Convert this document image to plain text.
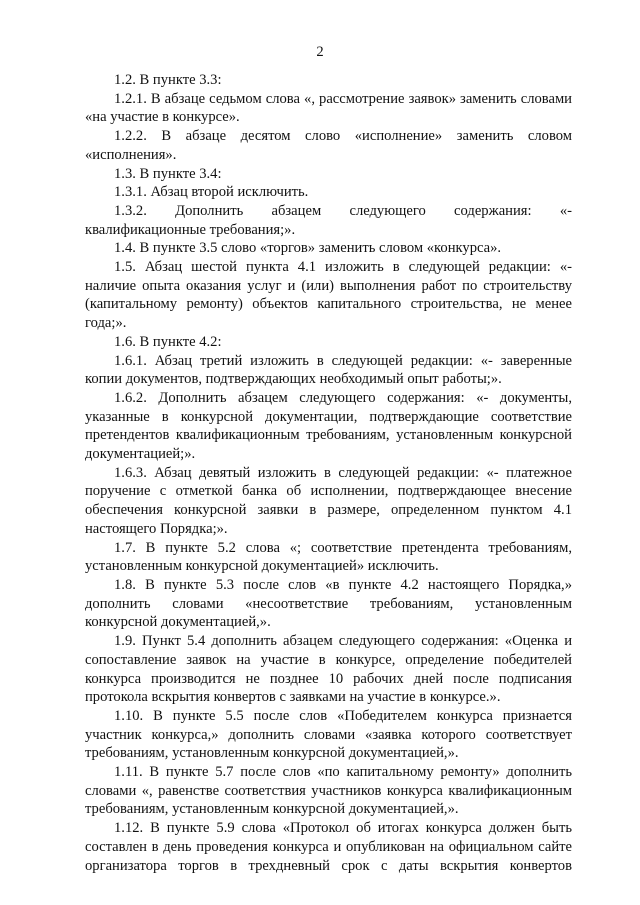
2

1.2. В пункте 3.3:

1.2.1. В абзаце седьмом слова «, рассмотрение заявок» заменить словами «на участие в конкурсе».

1.2.2. В абзаце десятом слово «исполнение» заменить словом «исполнения».

1.3. В пункте 3.4:

1.3.1. Абзац второй исключить.

1.3.2. Дополнить абзацем следующего содержания: «- квалификационные требования;».

1.4. В пункте 3.5 слово «торгов» заменить словом «конкурса».

1.5. Абзац шестой пункта 4.1 изложить в следующей редакции: «- наличие опыта оказания услуг и (или) выполнения работ по строительству (капитальному ремонту) объектов капитального строительства, не менее года;».

1.6. В пункте 4.2:

1.6.1. Абзац третий изложить в следующей редакции: «- заверенные копии документов, подтверждающих необходимый опыт работы;».

1.6.2. Дополнить абзацем следующего содержания: «- документы, указанные в конкурсной документации, подтверждающие соответствие претендентов квалификационным требованиям, установленным конкурсной документацией;».

1.6.3. Абзац девятый изложить в следующей редакции: «- платежное поручение с отметкой банка об исполнении, подтверждающее внесение обеспечения конкурсной заявки в размере, определенном пунктом 4.1 настоящего Порядка;».

1.7. В пункте 5.2 слова «; соответствие претендента требованиям, установленным конкурсной документацией» исключить.

1.8. В пункте 5.3 после слов «в пункте 4.2 настоящего Порядка,» дополнить словами «несоответствие требованиям, установленным конкурсной документацией,».

1.9. Пункт 5.4 дополнить абзацем следующего содержания: «Оценка и сопоставление заявок на участие в конкурсе, определение победителей конкурса производится не позднее 10 рабочих дней после подписания протокола вскрытия конвертов с заявками на участие в конкурсе.».

1.10. В пункте 5.5 после слов «Победителем конкурса признается участник конкурса,» дополнить словами «заявка которого соответствует требованиям, установленным конкурсной документацией,».

1.11. В пункте 5.7 после слов «по капитальному ремонту» дополнить словами «, равенстве соответствия участников конкурса квалификационным требованиям, установленным конкурсной документацией,».

1.12. В пункте 5.9 слова «Протокол об итогах конкурса должен быть составлен в день проведения конкурса и опубликован на официальном сайте организатора торгов в трехдневный срок с даты вскрытия конвертов
